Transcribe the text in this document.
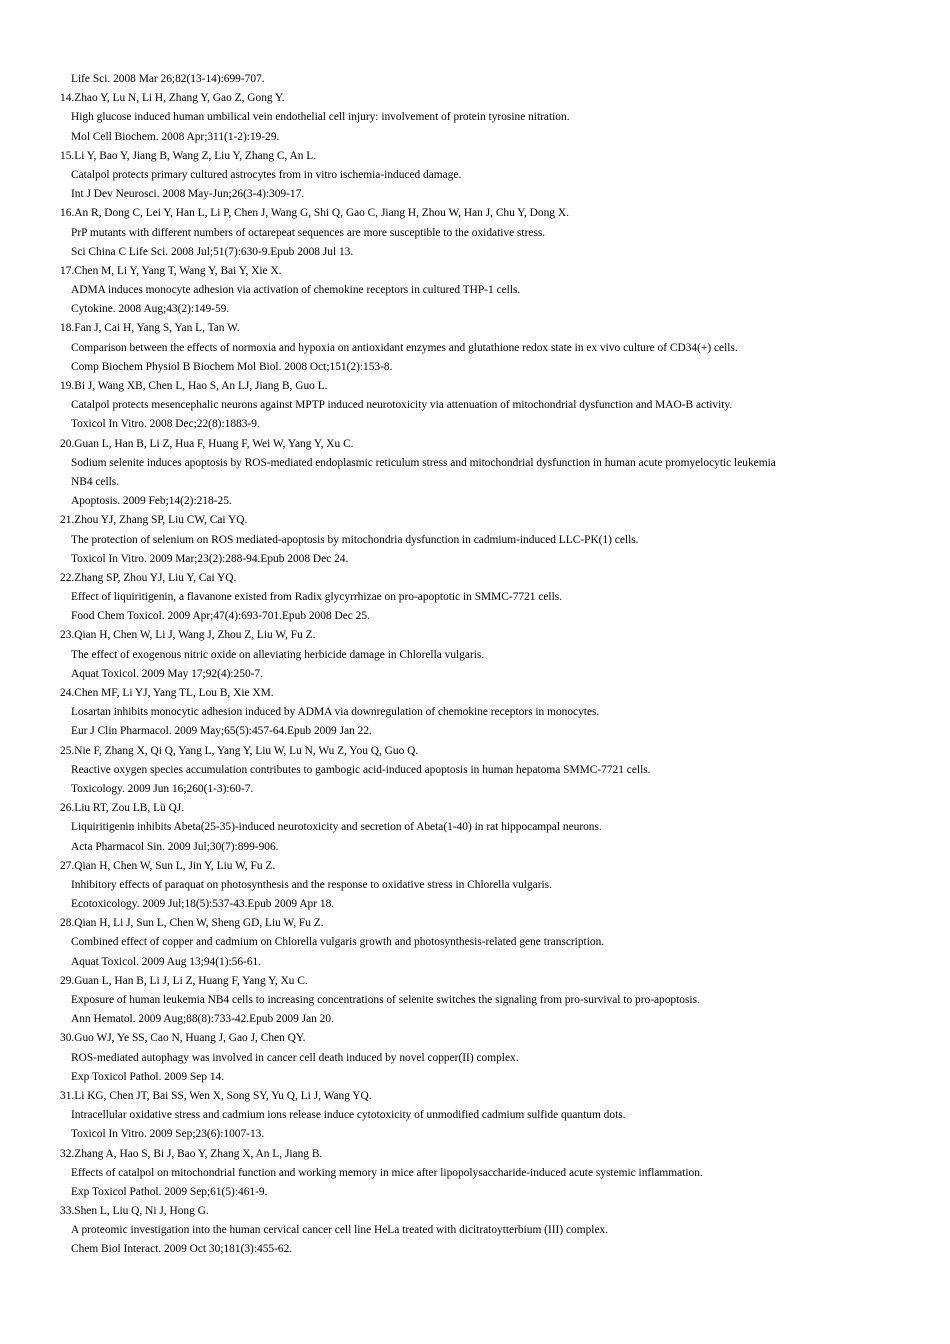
Life Sci. 2008 Mar 26;82(13-14):699-707.
14.Zhao Y, Lu N, Li H, Zhang Y, Gao Z, Gong Y.
High glucose induced human umbilical vein endothelial cell injury: involvement of protein tyrosine nitration.
Mol Cell Biochem. 2008 Apr;311(1-2):19-29.
15.Li Y, Bao Y, Jiang B, Wang Z, Liu Y, Zhang C, An L.
Catalpol protects primary cultured astrocytes from in vitro ischemia-induced damage.
Int J Dev Neurosci. 2008 May-Jun;26(3-4):309-17.
16.An R, Dong C, Lei Y, Han L, Li P, Chen J, Wang G, Shi Q, Gao C, Jiang H, Zhou W, Han J, Chu Y, Dong X.
PrP mutants with different numbers of octarepeat sequences are more susceptible to the oxidative stress.
Sci China C Life Sci. 2008 Jul;51(7):630-9.Epub 2008 Jul 13.
17.Chen M, Li Y, Yang T, Wang Y, Bai Y, Xie X.
ADMA induces monocyte adhesion via activation of chemokine receptors in cultured THP-1 cells.
Cytokine. 2008 Aug;43(2):149-59.
18.Fan J, Cai H, Yang S, Yan L, Tan W.
Comparison between the effects of normoxia and hypoxia on antioxidant enzymes and glutathione redox state in ex vivo culture of CD34(+) cells.
Comp Biochem Physiol B Biochem Mol Biol. 2008 Oct;151(2):153-8.
19.Bi J, Wang XB, Chen L, Hao S, An LJ, Jiang B, Guo L.
Catalpol protects mesencephalic neurons against MPTP induced neurotoxicity via attenuation of mitochondrial dysfunction and MAO-B activity.
Toxicol In Vitro. 2008 Dec;22(8):1883-9.
20.Guan L, Han B, Li Z, Hua F, Huang F, Wei W, Yang Y, Xu C.
Sodium selenite induces apoptosis by ROS-mediated endoplasmic reticulum stress and mitochondrial dysfunction in human acute promyelocytic leukemia
NB4 cells.
Apoptosis. 2009 Feb;14(2):218-25.
21.Zhou YJ, Zhang SP, Liu CW, Cai YQ.
The protection of selenium on ROS mediated-apoptosis by mitochondria dysfunction in cadmium-induced LLC-PK(1) cells.
Toxicol In Vitro. 2009 Mar;23(2):288-94.Epub 2008 Dec 24.
22.Zhang SP, Zhou YJ, Liu Y, Cai YQ.
Effect of liquiritigenin, a flavanone existed from Radix glycyrrhizae on pro-apoptotic in SMMC-7721 cells.
Food Chem Toxicol. 2009 Apr;47(4):693-701.Epub 2008 Dec 25.
23.Qian H, Chen W, Li J, Wang J, Zhou Z, Liu W, Fu Z.
The effect of exogenous nitric oxide on alleviating herbicide damage in Chlorella vulgaris.
Aquat Toxicol. 2009 May 17;92(4):250-7.
24.Chen MF, Li YJ, Yang TL, Lou B, Xie XM.
Losartan inhibits monocytic adhesion induced by ADMA via downregulation of chemokine receptors in monocytes.
Eur J Clin Pharmacol. 2009 May;65(5):457-64.Epub 2009 Jan 22.
25.Nie F, Zhang X, Qi Q, Yang L, Yang Y, Liu W, Lu N, Wu Z, You Q, Guo Q.
Reactive oxygen species accumulation contributes to gambogic acid-induced apoptosis in human hepatoma SMMC-7721 cells.
Toxicology. 2009 Jun 16;260(1-3):60-7.
26.Liu RT, Zou LB, Lü QJ.
Liquiritigenin inhibits Abeta(25-35)-induced neurotoxicity and secretion of Abeta(1-40) in rat hippocampal neurons.
Acta Pharmacol Sin. 2009 Jul;30(7):899-906.
27.Qian H, Chen W, Sun L, Jin Y, Liu W, Fu Z.
Inhibitory effects of paraquat on photosynthesis and the response to oxidative stress in Chlorella vulgaris.
Ecotoxicology. 2009 Jul;18(5):537-43.Epub 2009 Apr 18.
28.Qian H, Li J, Sun L, Chen W, Sheng GD, Liu W, Fu Z.
Combined effect of copper and cadmium on Chlorella vulgaris growth and photosynthesis-related gene transcription.
Aquat Toxicol. 2009 Aug 13;94(1):56-61.
29.Guan L, Han B, Li J, Li Z, Huang F, Yang Y, Xu C.
Exposure of human leukemia NB4 cells to increasing concentrations of selenite switches the signaling from pro-survival to pro-apoptosis.
Ann Hematol. 2009 Aug;88(8):733-42.Epub 2009 Jan 20.
30.Guo WJ, Ye SS, Cao N, Huang J, Gao J, Chen QY.
ROS-mediated autophagy was involved in cancer cell death induced by novel copper(II) complex.
Exp Toxicol Pathol. 2009 Sep 14.
31.Li KG, Chen JT, Bai SS, Wen X, Song SY, Yu Q, Li J, Wang YQ.
Intracellular oxidative stress and cadmium ions release induce cytotoxicity of unmodified cadmium sulfide quantum dots.
Toxicol In Vitro. 2009 Sep;23(6):1007-13.
32.Zhang A, Hao S, Bi J, Bao Y, Zhang X, An L, Jiang B.
Effects of catalpol on mitochondrial function and working memory in mice after lipopolysaccharide-induced acute systemic inflammation.
Exp Toxicol Pathol. 2009 Sep;61(5):461-9.
33.Shen L, Liu Q, Ni J, Hong G.
A proteomic investigation into the human cervical cancer cell line HeLa treated with dicitratoytterbium (III) complex.
Chem Biol Interact. 2009 Oct 30;181(3):455-62.
